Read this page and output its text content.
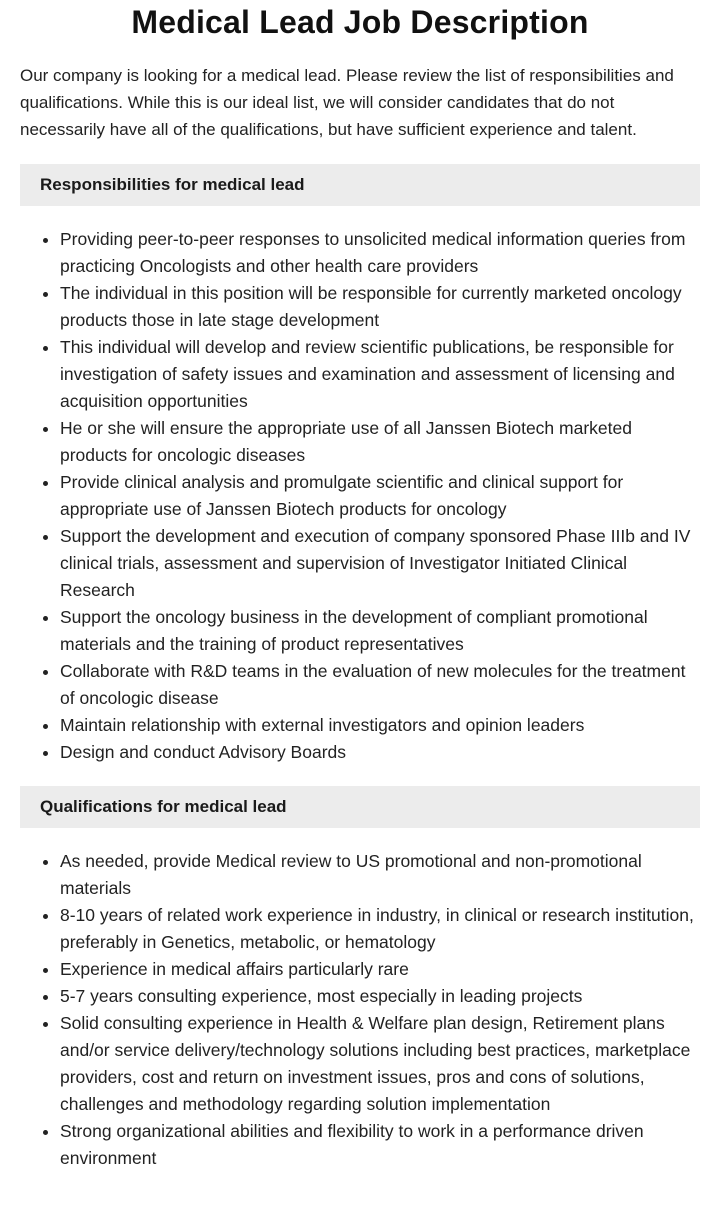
Medical Lead Job Description

Our company is looking for a medical lead. Please review the list of responsibilities and qualifications. While this is our ideal list, we will consider candidates that do not necessarily have all of the qualifications, but have sufficient experience and talent.

Responsibilities for medical lead
• Providing peer-to-peer responses to unsolicited medical information queries from practicing Oncologists and other health care providers
• The individual in this position will be responsible for currently marketed oncology products those in late stage development
• This individual will develop and review scientific publications, be responsible for investigation of safety issues and examination and assessment of licensing and acquisition opportunities
• He or she will ensure the appropriate use of all Janssen Biotech marketed products for oncologic diseases
• Provide clinical analysis and promulgate scientific and clinical support for appropriate use of Janssen Biotech products for oncology
• Support the development and execution of company sponsored Phase IIIb and IV clinical trials, assessment and supervision of Investigator Initiated Clinical Research
• Support the oncology business in the development of compliant promotional materials and the training of product representatives
• Collaborate with R&D teams in the evaluation of new molecules for the treatment of oncologic disease
• Maintain relationship with external investigators and opinion leaders
• Design and conduct Advisory Boards
Qualifications for medical lead
• As needed, provide Medical review to US promotional and non-promotional materials
• 8-10 years of related work experience in industry, in clinical or research institution, preferably in Genetics, metabolic, or hematology
• Experience in medical affairs particularly rare
• 5-7 years consulting experience, most especially in leading projects
• Solid consulting experience in Health & Welfare plan design, Retirement plans and/or service delivery/technology solutions including best practices, marketplace providers, cost and return on investment issues, pros and cons of solutions, challenges and methodology regarding solution implementation
• Strong organizational abilities and flexibility to work in a performance driven environment
